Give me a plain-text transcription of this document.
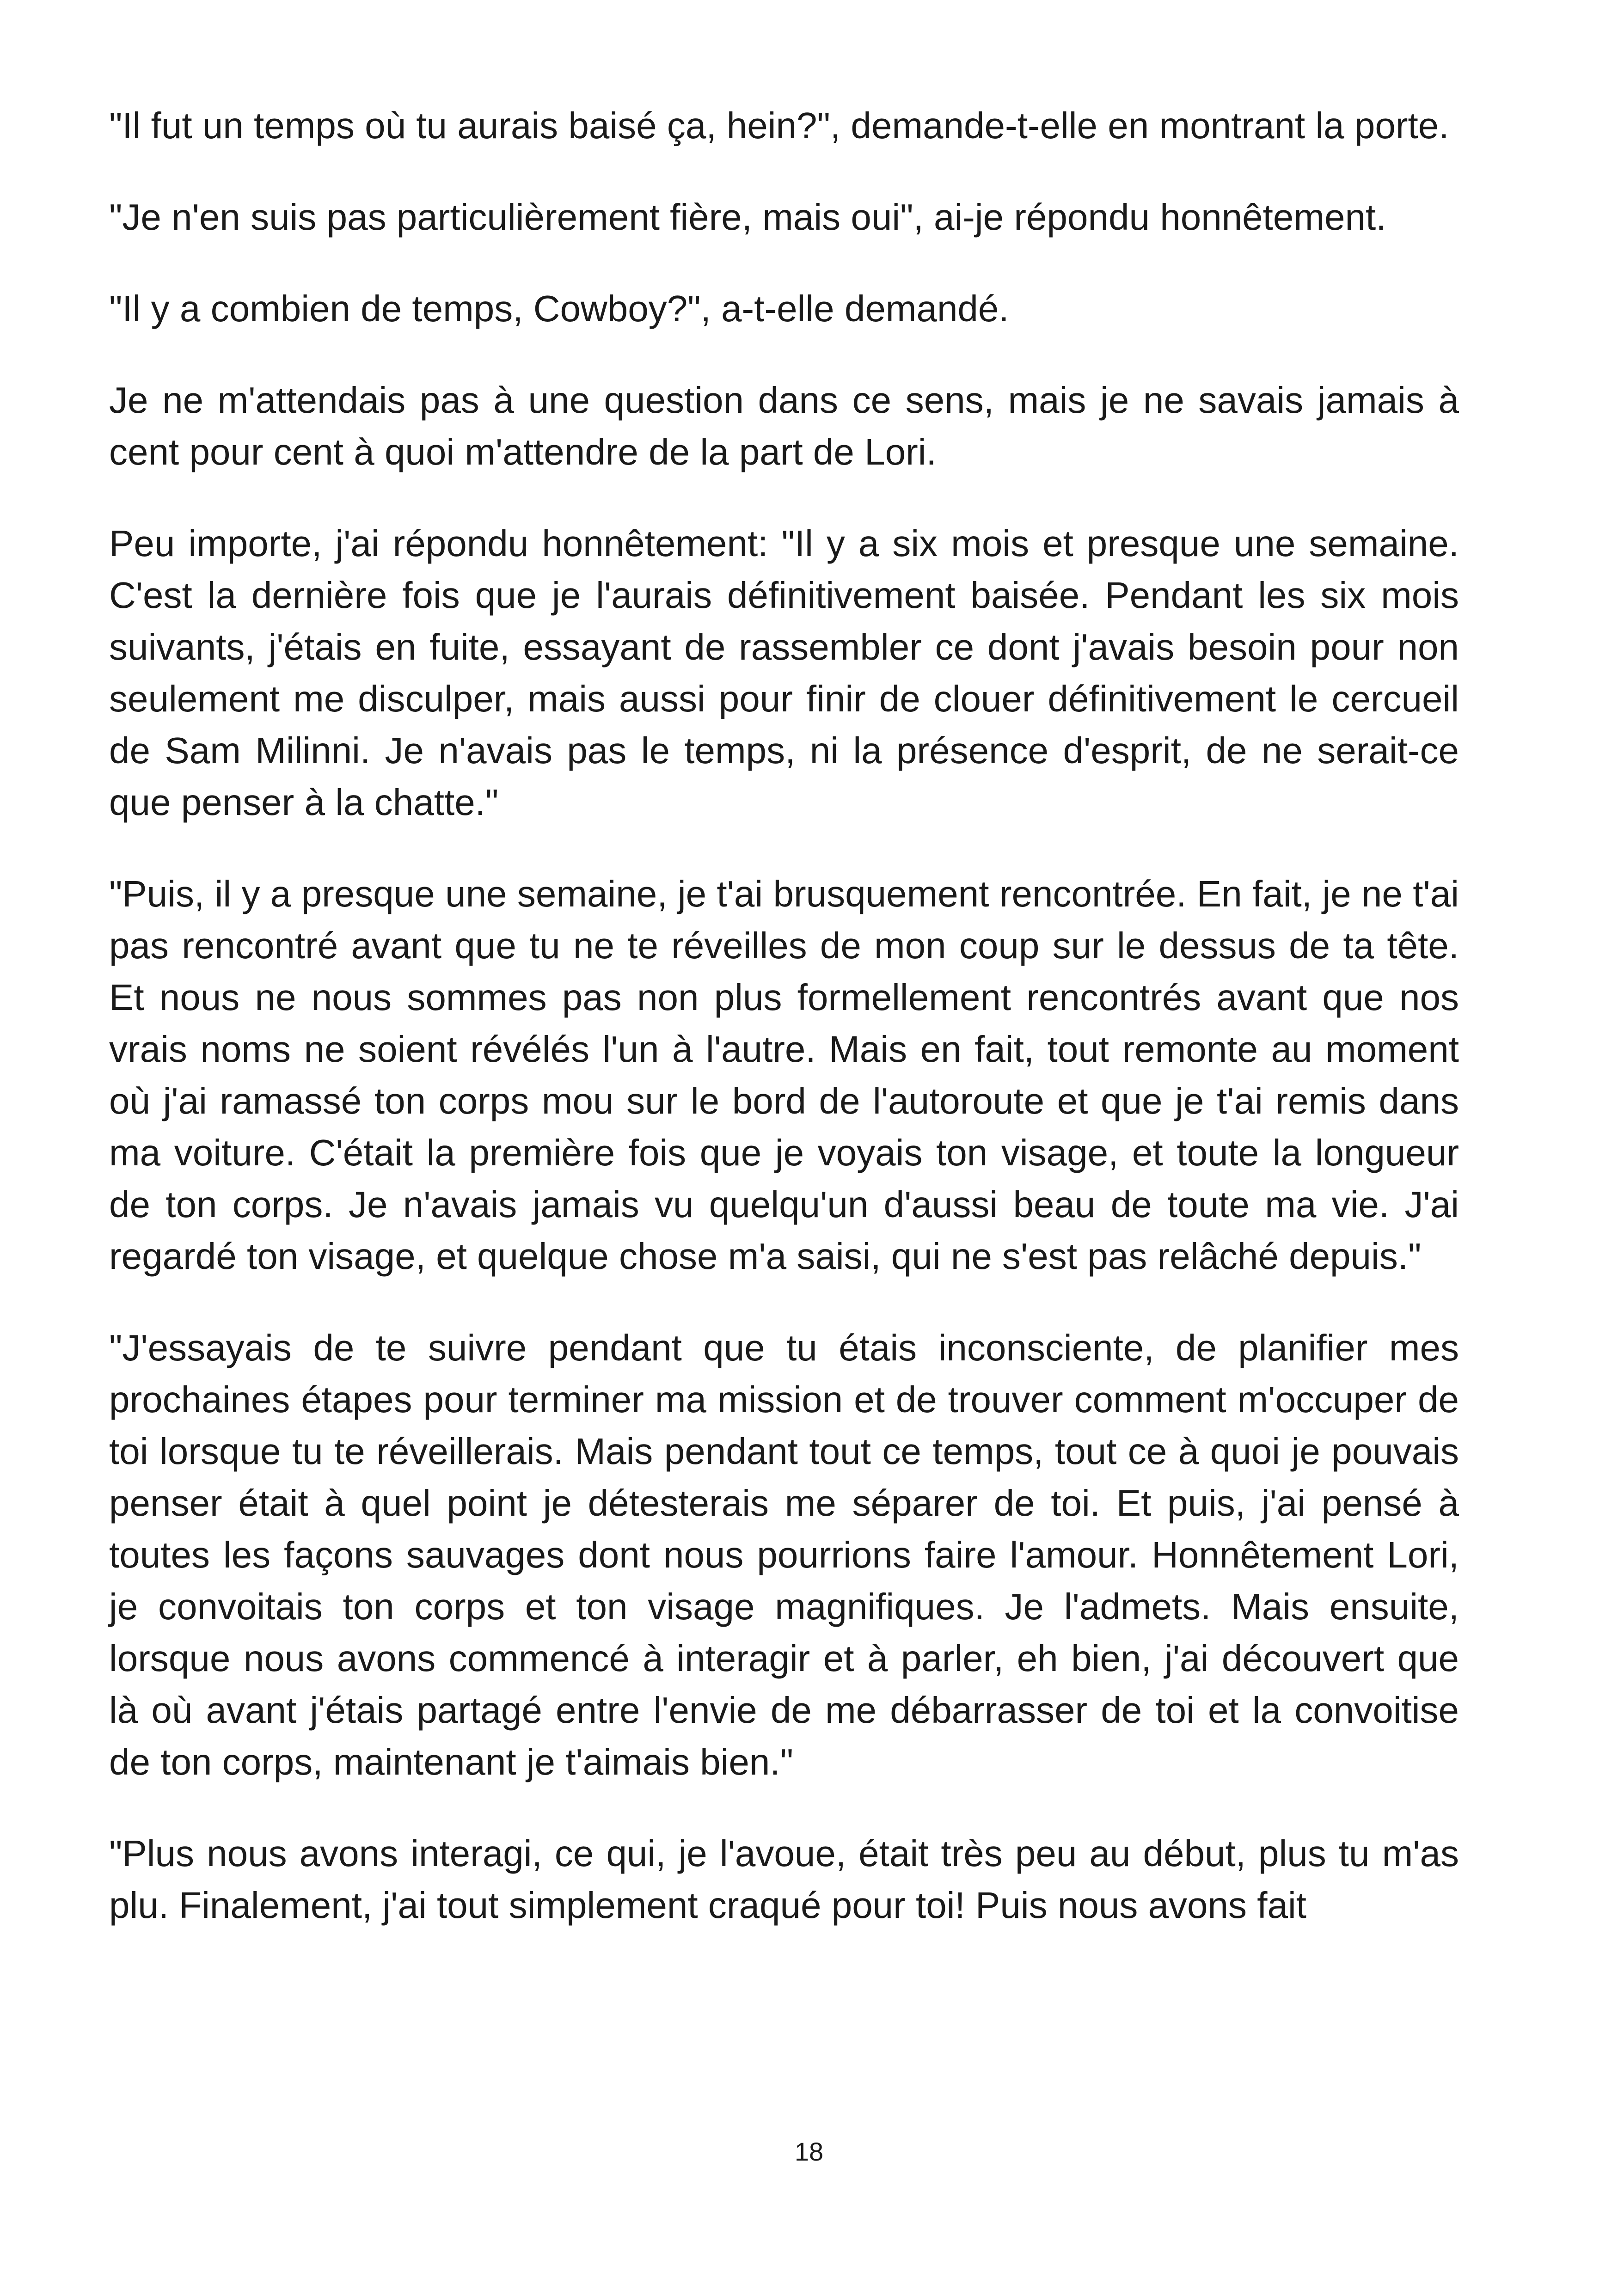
"Il fut un temps où tu aurais baisé ça, hein?", demande-t-elle en montrant la porte.

"Je n'en suis pas particulièrement fière, mais oui", ai-je répondu honnêtement.

"Il y a combien de temps, Cowboy?", a-t-elle demandé.

Je ne m'attendais pas à une question dans ce sens, mais je ne savais jamais à cent pour cent à quoi m'attendre de la part de Lori.

Peu importe, j'ai répondu honnêtement: "Il y a six mois et presque une semaine. C'est la dernière fois que je l'aurais définitivement baisée. Pendant les six mois suivants, j'étais en fuite, essayant de rassembler ce dont j'avais besoin pour non seulement me disculper, mais aussi pour finir de clouer définitivement le cercueil de Sam Milinni. Je n'avais pas le temps, ni la présence d'esprit, de ne serait-ce que penser à la chatte."

"Puis, il y a presque une semaine, je t'ai brusquement rencontrée. En fait, je ne t'ai pas rencontré avant que tu ne te réveilles de mon coup sur le dessus de ta tête. Et nous ne nous sommes pas non plus formellement rencontrés avant que nos vrais noms ne soient révélés l'un à l'autre. Mais en fait, tout remonte au moment où j'ai ramassé ton corps mou sur le bord de l'autoroute et que je t'ai remis dans ma voiture. C'était la première fois que je voyais ton visage, et toute la longueur de ton corps. Je n'avais jamais vu quelqu'un d'aussi beau de toute ma vie. J'ai regardé ton visage, et quelque chose m'a saisi, qui ne s'est pas relâché depuis."

"J'essayais de te suivre pendant que tu étais inconsciente, de planifier mes prochaines étapes pour terminer ma mission et de trouver comment m'occuper de toi lorsque tu te réveillerais. Mais pendant tout ce temps, tout ce à quoi je pouvais penser était à quel point je détesterais me séparer de toi. Et puis, j'ai pensé à toutes les façons sauvages dont nous pourrions faire l'amour. Honnêtement Lori, je convoitais ton corps et ton visage magnifiques. Je l'admets. Mais ensuite, lorsque nous avons commencé à interagir et à parler, eh bien, j'ai découvert que là où avant j'étais partagé entre l'envie de me débarrasser de toi et la convoitise de ton corps, maintenant je t'aimais bien."

"Plus nous avons interagi, ce qui, je l'avoue, était très peu au début, plus tu m'as plu. Finalement, j'ai tout simplement craqué pour toi! Puis nous avons fait

18
